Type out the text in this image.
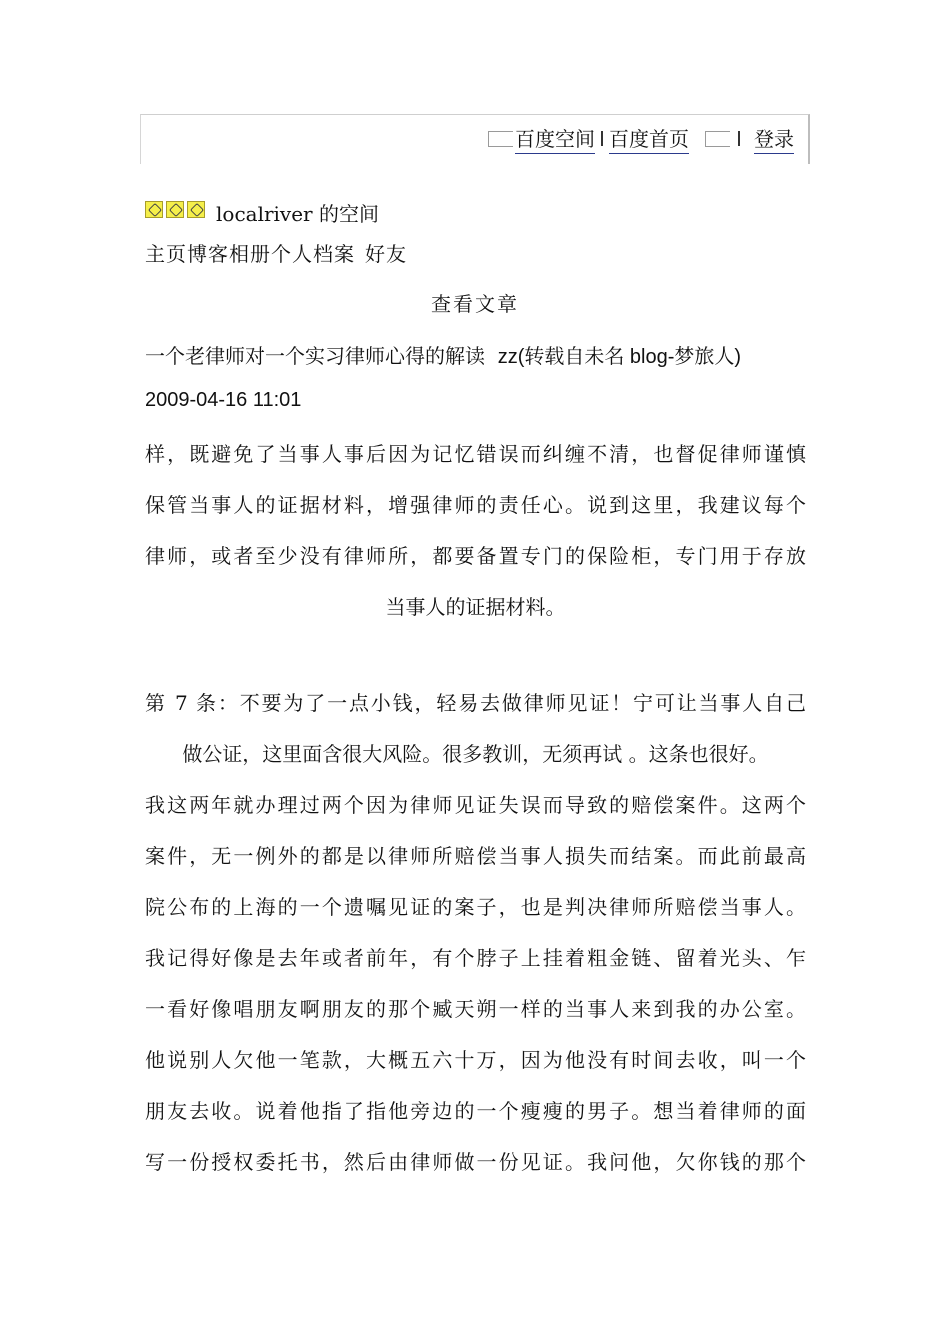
百度空间 百度首页	登录
localriver 的空间
主页博客相册个人档案 好友
查看文章
一个老律师对一个实习律师心得的解读 zz(转载自未名 blog-梦旅人)
2009-04-16 11:01
样，既避免了当事人事后因为记忆错误而纠缠不清，也督促律师谨慎
保管当事人的证据材料，增强律师的责任心。说到这里，我建议每个
律师，或者至少没有律师所，都要备置专门的保险柜，专门用于存放
当事人的证据材料。
第 7 条：不要为了一点小钱，轻易去做律师见证！宁可让当事人自己
做公证，这里面含很大风险。很多教训，无须再试 。这条也很好。
我这两年就办理过两个因为律师见证失误而导致的赔偿案件。这两个
案件，无一例外的都是以律师所赔偿当事人损失而结案。而此前最高
院公布的上海的一个遗嘱见证的案子，也是判决律师所赔偿当事人。
我记得好像是去年或者前年，有个脖子上挂着粗金链、留着光头、乍
一看好像唱朋友啊朋友的那个臧天朔一样的当事人来到我的办公室。
他说别人欠他一笔款，大概五六十万，因为他没有时间去收，叫一个
朋友去收。说着他指了指他旁边的一个瘦瘦的男子。想当着律师的面
写一份授权委托书，然后由律师做一份见证。我问他，欠你钱的那个
